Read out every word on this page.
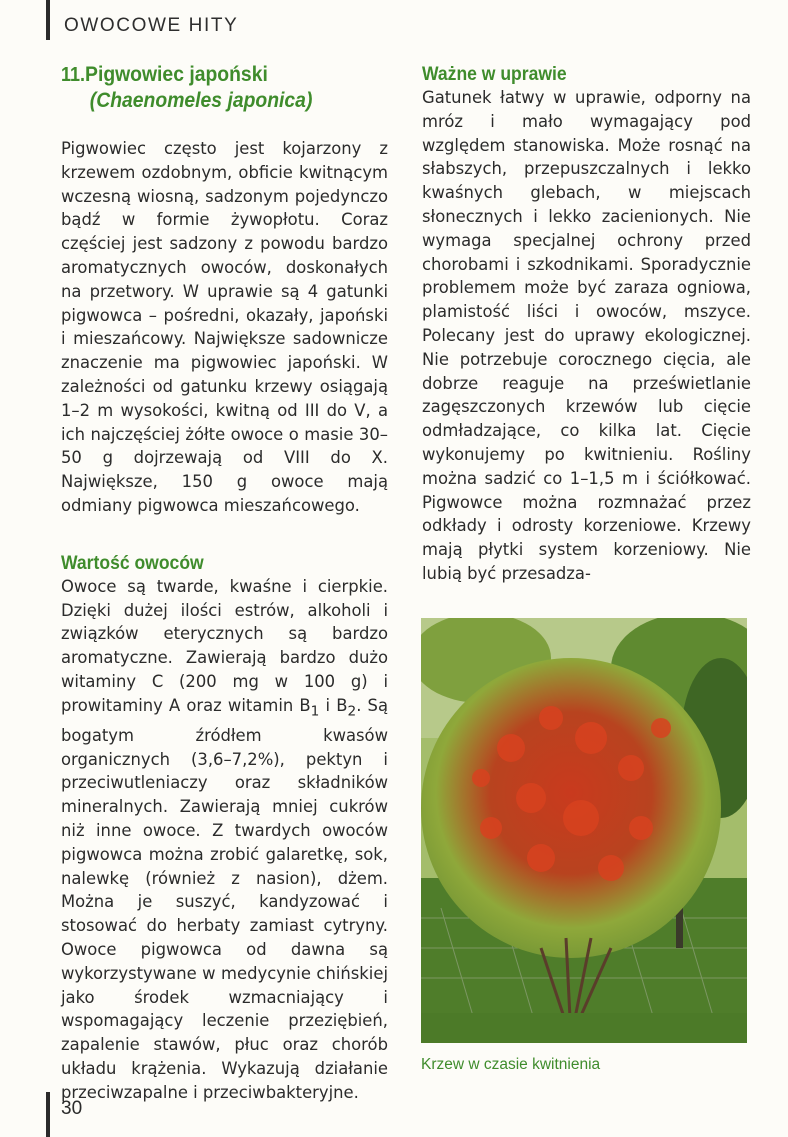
OWOCOWE HITY
11.Pigwowiec japoński
(Chaenomeles japonica)

Pigwowiec często jest kojarzony z krzewem ozdobnym, obficie kwitnącym wczesną wiosną, sadzonym pojedynczo bądź w formie żywopłotu. Coraz częściej jest sadzony z powodu bardzo aromatycznych owoców, doskonałych na przetwory. W uprawie są 4 gatunki pigwowca – pośredni, okazały, japoński i mieszańcowy. Największe sadownicze znaczenie ma pigwowiec japoński. W zależności od gatunku krzewy osiągają 1–2 m wysokości, kwitną od III do V, a ich najczęściej żółte owoce o masie 30–50 g dojrzewają od VIII do X. Największe, 150 g owoce mają odmiany pigwowca mieszańcowego.

Wartość owoców

Owoce są twarde, kwaśne i cierpkie. Dzięki dużej ilości estrów, alkoholi i związków eterycznych są bardzo aromatyczne. Zawierają bardzo dużo witaminy C (200 mg w 100 g) i prowitaminy A oraz witamin $B_1$ i $B_2$. Są bogatym źródłem kwasów organicznych (3,6–7,2%), pektyn i przeciwutleniaczy oraz składników mineralnych. Zawierają mniej cukrów niż inne owoce. Z twardych owoców pigwowca można zrobić galaretkę, sok, nalewkę (również z nasion), dżem. Można je suszyć, kandyzować i stosować do herbaty zamiast cytryny. Owoce pigwowca od dawna są wykorzystywane w medycynie chińskiej jako środek wzmacniający i wspomagający leczenie przeziębień, zapalenie stawów, płuc oraz chorób układu krążenia. Wykazują działanie przeciwzapalne i przeciwbakteryjne.

Ważne w uprawie

Gatunek łatwy w uprawie, odporny na mróz i mało wymagający pod względem stanowiska. Może rosnąć na słabszych, przepuszczalnych i lekko kwaśnych glebach, w miejscach słonecznych i lekko zacienionych. Nie wymaga specjalnej ochrony przed chorobami i szkodnikami. Sporadycznie problemem może być zaraza ogniowa, plamistość liści i owoców, mszyce. Polecany jest do uprawy ekologicznej. Nie potrzebuje corocznego cięcia, ale dobrze reaguje na prześwietlanie zagęszczonych krzewów lub cięcie odmładzające, co kilka lat. Cięcie wykonujemy po kwitnieniu. Rośliny można sadzić co 1–1,5 m i ściółkować. Pigwowce można rozmnażać przez odkłady i odrosty korzeniowe. Krzewy mają płytki system korzeniowy. Nie lubią być przesadza-

Krzew w czasie kwitnienia
30
